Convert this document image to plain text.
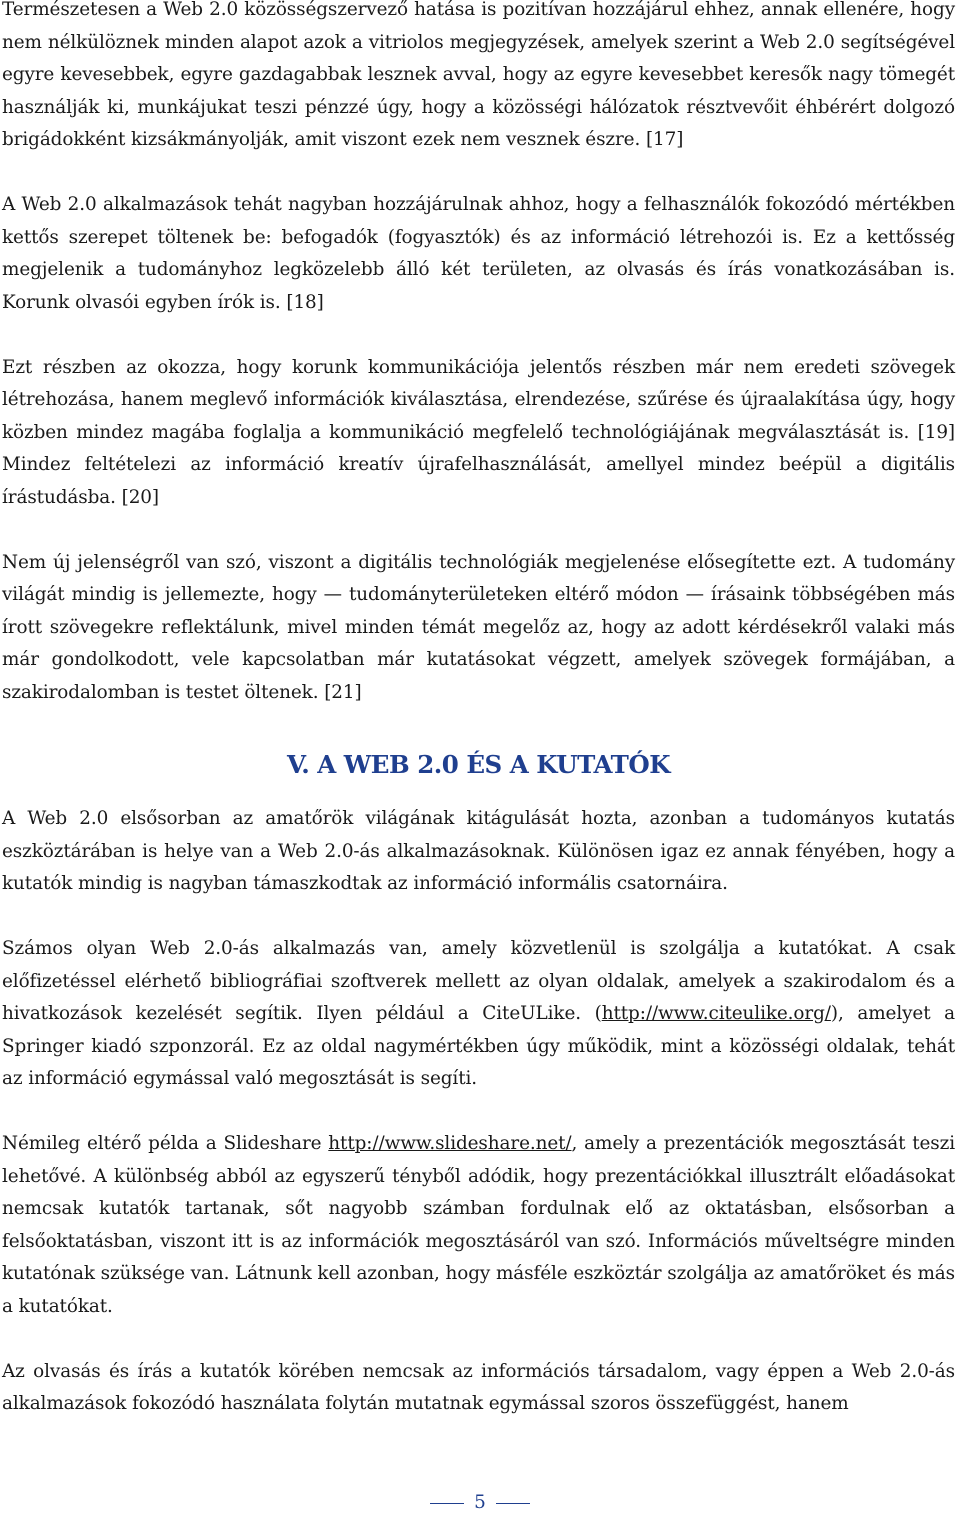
Természetesen a Web 2.0 közösségszervező hatása is pozitívan hozzájárul ehhez, annak ellenére, hogy nem nélkülöznek minden alapot azok a vitriolos megjegyzések, amelyek szerint a Web 2.0 segítségével egyre kevesebbek, egyre gazdagabbak lesznek avval, hogy az egyre kevesebbet keresők nagy tömegét használják ki, munkájukat teszi pénzzé úgy, hogy a közösségi hálózatok résztvevőit éhbérért dolgozó brigádokként kizsákmányolják, amit viszont ezek nem vesznek észre. [17]

A Web 2.0 alkalmazások tehát nagyban hozzájárulnak ahhoz, hogy a felhasználók fokozódó mértékben kettős szerepet töltenek be: befogadók (fogyasztók) és az információ létrehozói is. Ez a kettősség megjelenik a tudományhoz legközelebb álló két területen, az olvasás és írás vonatkozásában is. Korunk olvasói egyben írók is. [18]

Ezt részben az okozza, hogy korunk kommunikációja jelentős részben már nem eredeti szövegek létrehozása, hanem meglevő információk kiválasztása, elrendezése, szűrése és újraalakítása úgy, hogy közben mindez magába foglalja a kommunikáció megfelelő technológiájának megválasztását is. [19] Mindez feltételezi az információ kreatív újrafelhasználását, amellyel mindez beépül a digitális írástudásba. [20]

Nem új jelenségről van szó, viszont a digitális technológiák megjelenése elősegítette ezt. A tudomány világát mindig is jellemezte, hogy — tudományterületeken eltérő módon — írásaink többségében más írott szövegekre reflektálunk, mivel minden témát megelőz az, hogy az adott kérdésekről valaki más már gondolkodott, vele kapcsolatban már kutatásokat végzett, amelyek szövegek formájában, a szakirodalomban is testet öltenek. [21]

V. A WEB 2.0 ÉS A KUTATÓK

A Web 2.0 elsősorban az amatőrök világának kitágulását hozta, azonban a tudományos kutatás eszköztárában is helye van a Web 2.0-ás alkalmazásoknak. Különösen igaz ez annak fényében, hogy a kutatók mindig is nagyban támaszkodtak az információ informális csatornáira.

Számos olyan Web 2.0-ás alkalmazás van, amely közvetlenül is szolgálja a kutatókat. A csak előfizetéssel elérhető bibliográfiai szoftverek mellett az olyan oldalak, amelyek a szakirodalom és a hivatkozások kezelését segítik. Ilyen például a CiteULike. (http://www.citeulike.org/), amelyet a Springer kiadó szponzorál. Ez az oldal nagymértékben úgy működik, mint a közösségi oldalak, tehát az információ egymással való megosztását is segíti.

Némileg eltérő példa a Slideshare http://www.slideshare.net/, amely a prezentációk megosztását teszi lehetővé. A különbség abból az egyszerű tényből adódik, hogy prezentációkkal illusztrált előadásokat nemcsak kutatók tartanak, sőt nagyobb számban fordulnak elő az oktatásban, elsősorban a felsőoktatásban, viszont itt is az információk megosztásáról van szó. Információs műveltségre minden kutatónak szüksége van. Látnunk kell azonban, hogy másféle eszköztár szolgálja az amatőröket és más a kutatókat.

Az olvasás és írás a kutatók körében nemcsak az információs társadalom, vagy éppen a Web 2.0-ás alkalmazások fokozódó használata folytán mutatnak egymással szoros összefüggést, hanem

5
